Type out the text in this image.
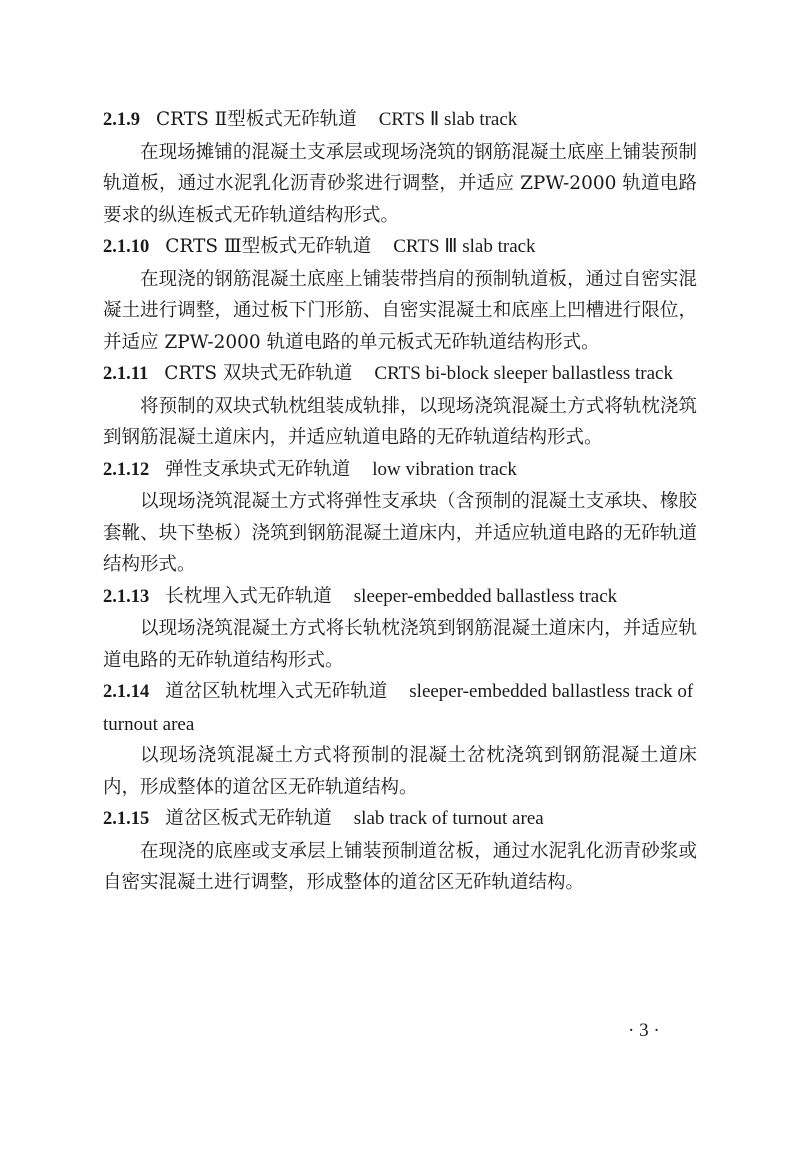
2.1.9 CRTS Ⅱ型板式无砟轨道 CRTS Ⅱ slab track

在现场摊铺的混凝土支承层或现场浇筑的钢筋混凝土底座上铺装预制轨道板，通过水泥乳化沥青砂浆进行调整，并适应 ZPW-2000 轨道电路要求的纵连板式无砟轨道结构形式。

2.1.10 CRTS Ⅲ型板式无砟轨道 CRTS Ⅲ slab track

在现浇的钢筋混凝土底座上铺装带挡肩的预制轨道板，通过自密实混凝土进行调整，通过板下门形筋、自密实混凝土和底座上凹槽进行限位，并适应 ZPW-2000 轨道电路的单元板式无砟轨道结构形式。

2.1.11 CRTS 双块式无砟轨道 CRTS bi-block sleeper ballastless track

将预制的双块式轨枕组装成轨排，以现场浇筑混凝土方式将轨枕浇筑到钢筋混凝土道床内，并适应轨道电路的无砟轨道结构形式。

2.1.12 弹性支承块式无砟轨道 low vibration track

以现场浇筑混凝土方式将弹性支承块（含预制的混凝土支承块、橡胶套靴、块下垫板）浇筑到钢筋混凝土道床内，并适应轨道电路的无砟轨道结构形式。

2.1.13 长枕埋入式无砟轨道 sleeper-embedded ballastless track

以现场浇筑混凝土方式将长轨枕浇筑到钢筋混凝土道床内，并适应轨道电路的无砟轨道结构形式。

2.1.14 道岔区轨枕埋入式无砟轨道 sleeper-embedded ballastless track of turnout area

以现场浇筑混凝土方式将预制的混凝土岔枕浇筑到钢筋混凝土道床内，形成整体的道岔区无砟轨道结构。

2.1.15 道岔区板式无砟轨道 slab track of turnout area

在现浇的底座或支承层上铺装预制道岔板，通过水泥乳化沥青砂浆或自密实混凝土进行调整，形成整体的道岔区无砟轨道结构。

· 3 ·
